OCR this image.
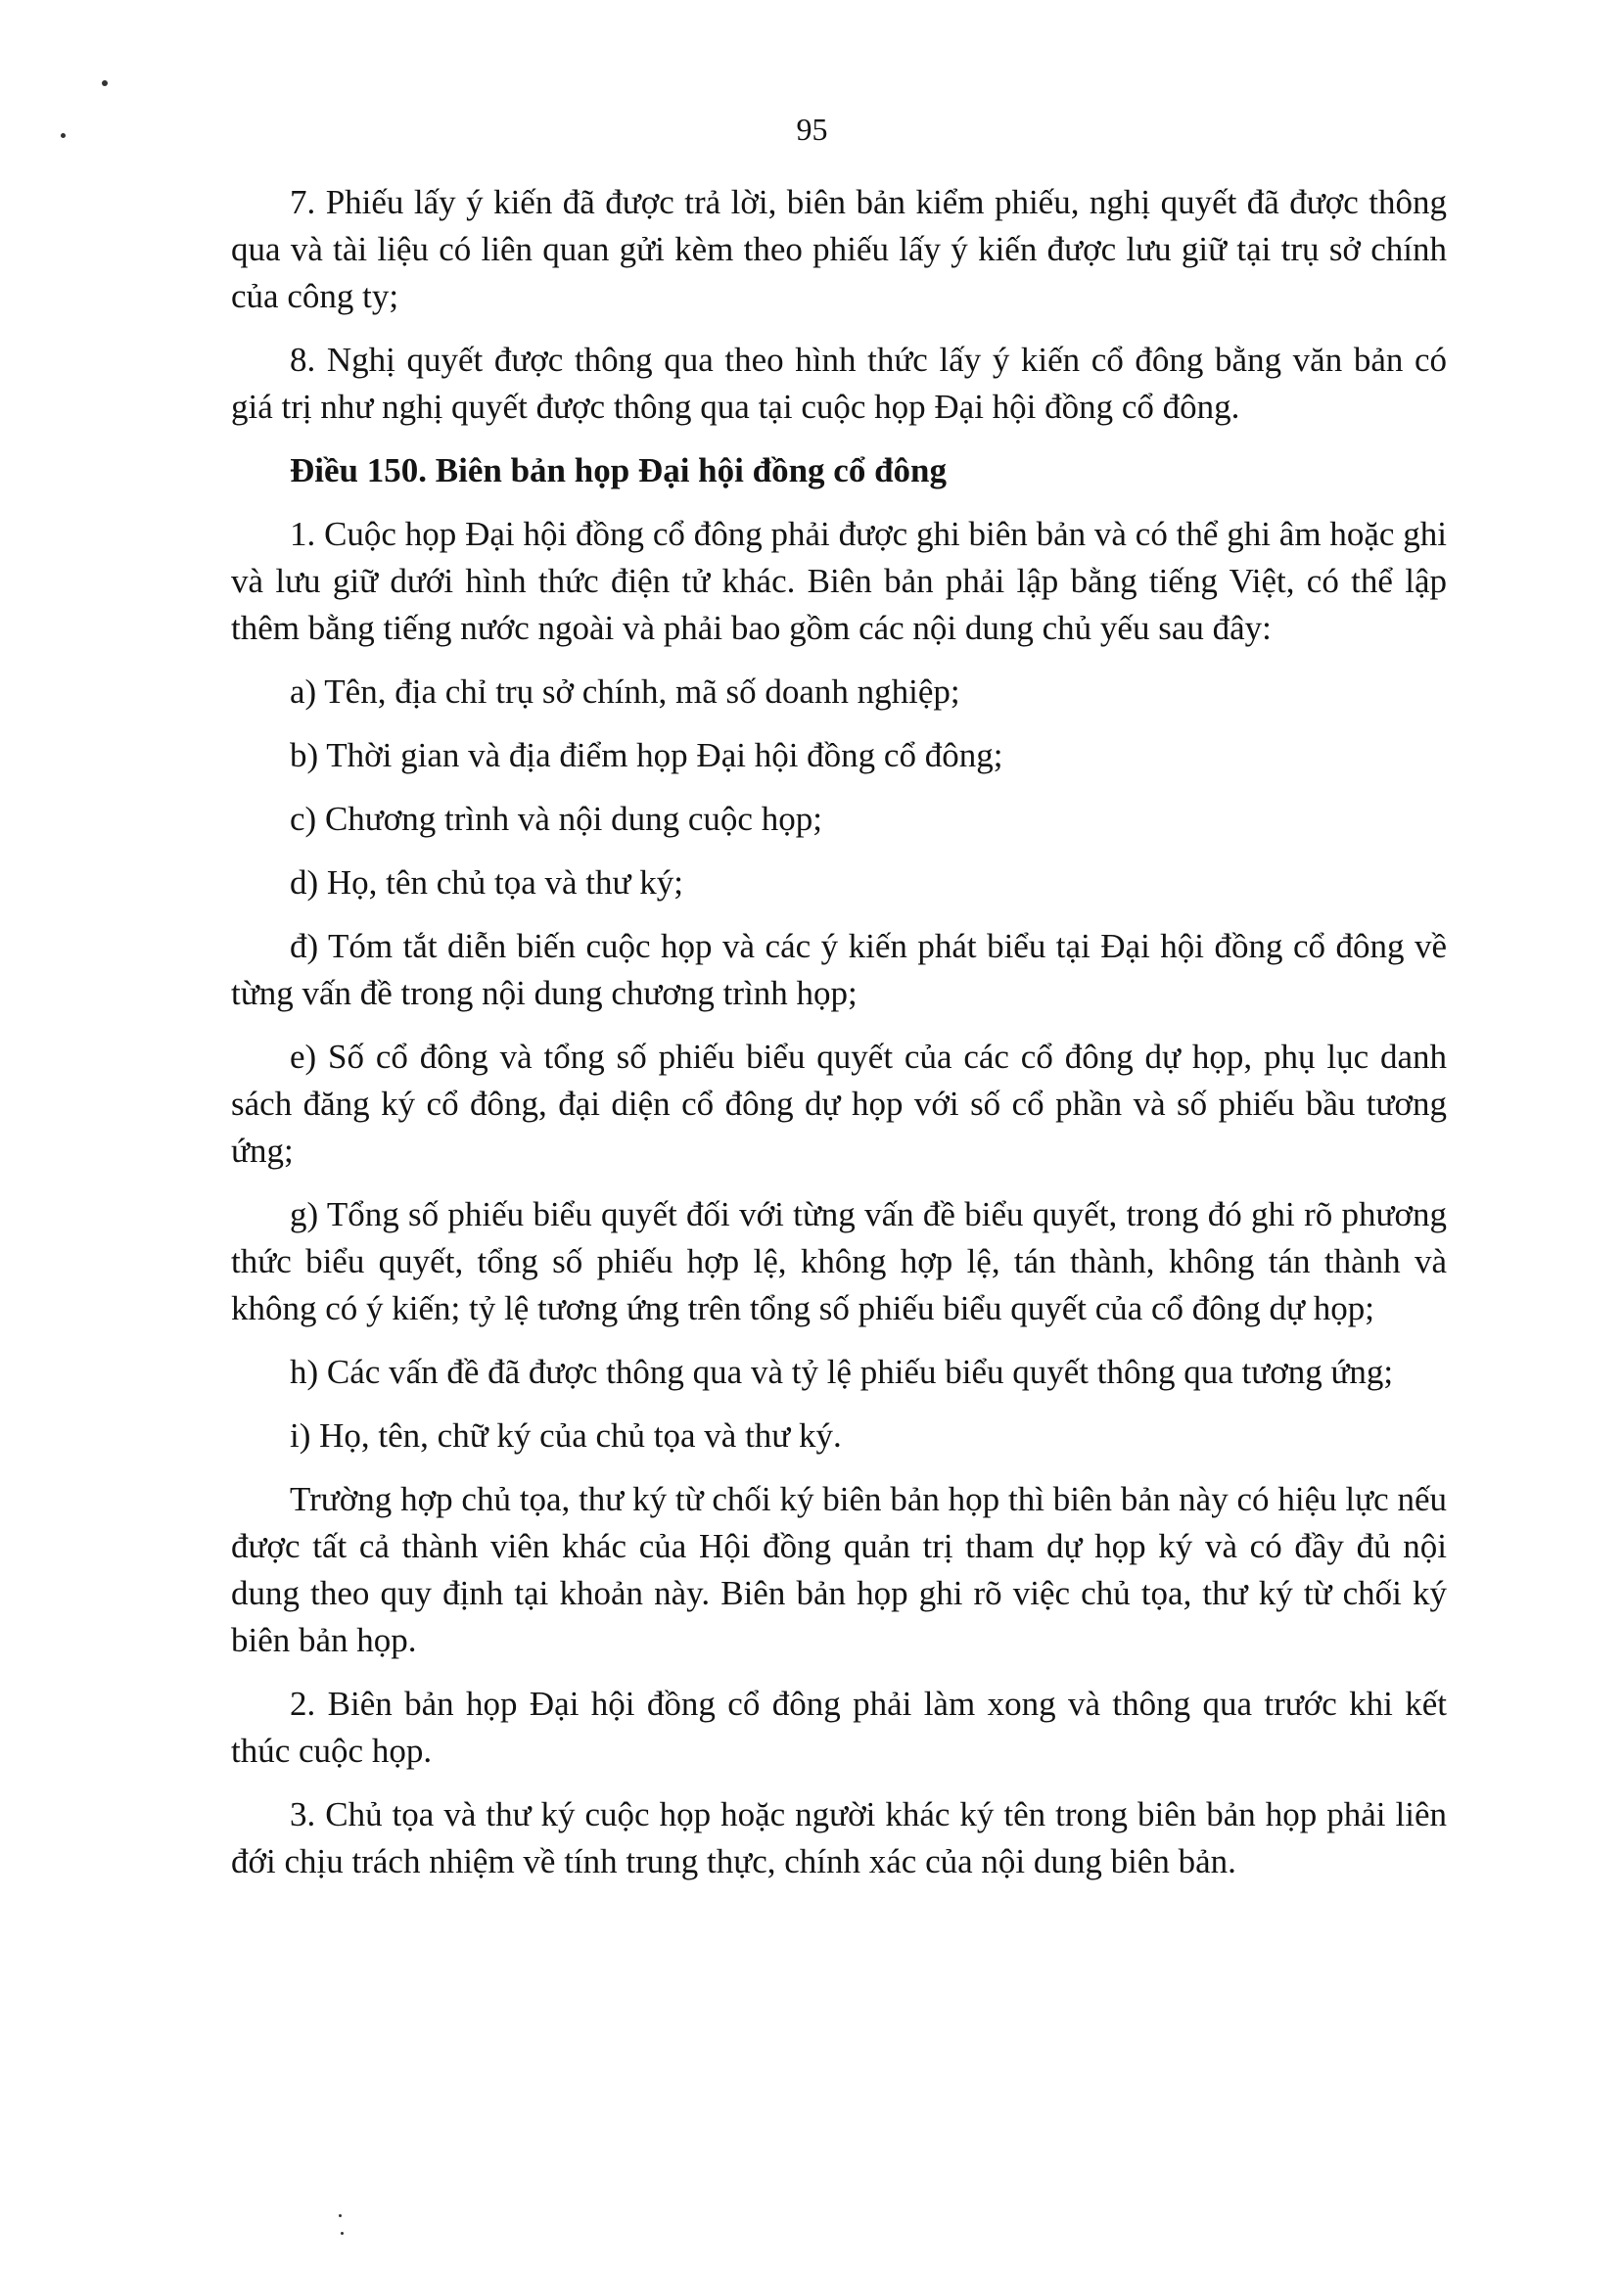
95

7. Phiếu lấy ý kiến đã được trả lời, biên bản kiểm phiếu, nghị quyết đã được thông qua và tài liệu có liên quan gửi kèm theo phiếu lấy ý kiến được lưu giữ tại trụ sở chính của công ty;

8. Nghị quyết được thông qua theo hình thức lấy ý kiến cổ đông bằng văn bản có giá trị như nghị quyết được thông qua tại cuộc họp Đại hội đồng cổ đông.

Điều 150. Biên bản họp Đại hội đồng cổ đông

1. Cuộc họp Đại hội đồng cổ đông phải được ghi biên bản và có thể ghi âm hoặc ghi và lưu giữ dưới hình thức điện tử khác. Biên bản phải lập bằng tiếng Việt, có thể lập thêm bằng tiếng nước ngoài và phải bao gồm các nội dung chủ yếu sau đây:

a) Tên, địa chỉ trụ sở chính, mã số doanh nghiệp;

b) Thời gian và địa điểm họp Đại hội đồng cổ đông;

c) Chương trình và nội dung cuộc họp;

d) Họ, tên chủ tọa và thư ký;

đ) Tóm tắt diễn biến cuộc họp và các ý kiến phát biểu tại Đại hội đồng cổ đông về từng vấn đề trong nội dung chương trình họp;

e) Số cổ đông và tổng số phiếu biểu quyết của các cổ đông dự họp, phụ lục danh sách đăng ký cổ đông, đại diện cổ đông dự họp với số cổ phần và số phiếu bầu tương ứng;

g) Tổng số phiếu biểu quyết đối với từng vấn đề biểu quyết, trong đó ghi rõ phương thức biểu quyết, tổng số phiếu hợp lệ, không hợp lệ, tán thành, không tán thành và không có ý kiến; tỷ lệ tương ứng trên tổng số phiếu biểu quyết của cổ đông dự họp;

h) Các vấn đề đã được thông qua và tỷ lệ phiếu biểu quyết thông qua tương ứng;

i) Họ, tên, chữ ký của chủ tọa và thư ký.

Trường hợp chủ tọa, thư ký từ chối ký biên bản họp thì biên bản này có hiệu lực nếu được tất cả thành viên khác của Hội đồng quản trị tham dự họp ký và có đầy đủ nội dung theo quy định tại khoản này. Biên bản họp ghi rõ việc chủ tọa, thư ký từ chối ký biên bản họp.

2. Biên bản họp Đại hội đồng cổ đông phải làm xong và thông qua trước khi kết thúc cuộc họp.

3. Chủ tọa và thư ký cuộc họp hoặc người khác ký tên trong biên bản họp phải liên đới chịu trách nhiệm về tính trung thực, chính xác của nội dung biên bản.
